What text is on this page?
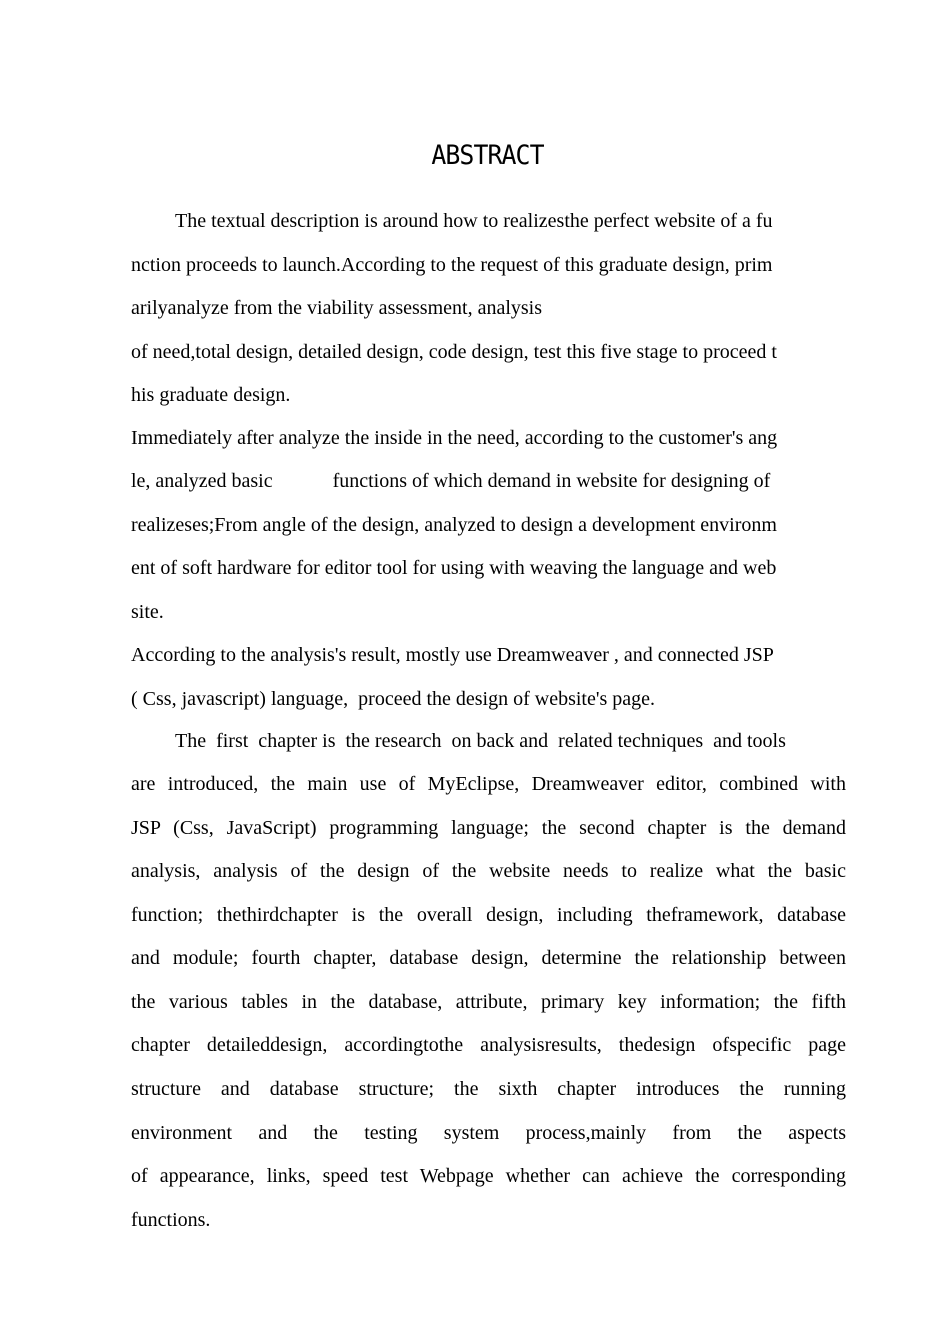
ABSTRACT
The textual description is around how to realizesthe perfect website of a fu
nction proceeds to launch.According to the request of this graduate design, prim
arilyanalyze from the viability assessment, analysis
of need,total design, detailed design, code design, test this five stage to proceed t
his graduate design.
Immediately after analyze the inside in the need, according to the customer's ang
le, analyzed basic            functions of which demand in website for designing of
realizeses;From angle of the design, analyzed to design a development environm
ent of soft hardware for editor tool for using with weaving the language and web
site.
According to the analysis's result, mostly use Dreamweaver , and connected JSP
( Css, javascript) language,  proceed the design of website's page.
The  first  chapter is  the research  on back and  related techniques  and tools
are introduced, the main use of MyEclipse, Dreamweaver editor, combined with
JSP (Css, JavaScript) programming language; the second chapter is the demand
analysis, analysis of the design of the website needs to realize what the basic
function; thethirdchapter is the overall design, including theframework, database
and module; fourth chapter, database design, determine the relationship between
the various tables in the database, attribute, primary key information; the fifth
chapter detaileddesign, accordingtothe analysisresults, thedesign ofspecific page
structure and database structure; the sixth chapter introduces the running
environment and the testing system process,mainly from the aspects
of appearance, links, speed test Webpage whether can achieve the corresponding
functions.
